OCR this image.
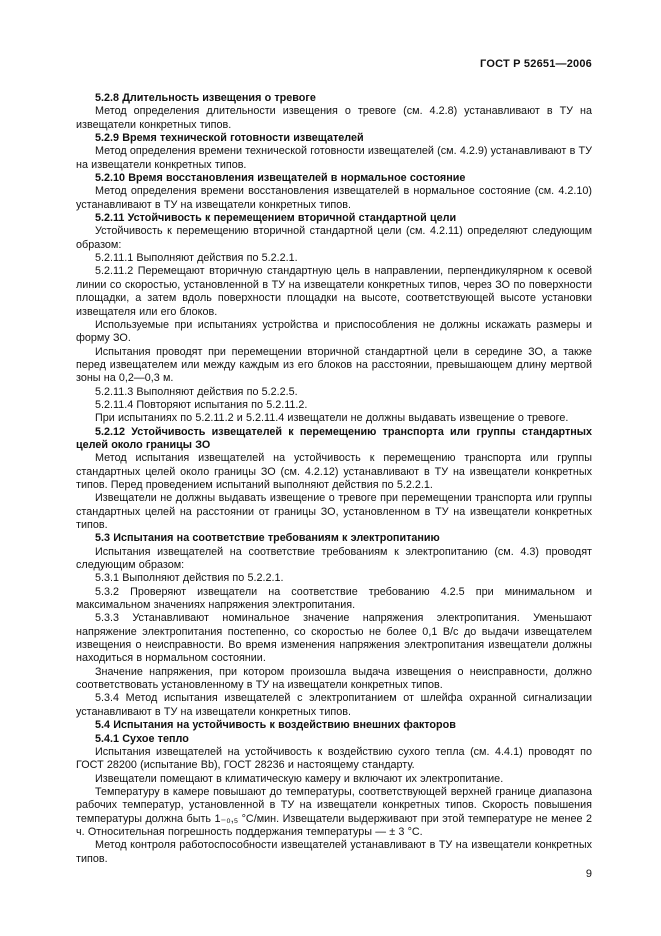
ГОСТ Р 52651—2006

5.2.8 Длительность извещения о тревоге

Метод определения длительности извещения о тревоге (см. 4.2.8) устанавливают в ТУ на извещатели конкретных типов.

5.2.9 Время технической готовности извещателей

Метод определения времени технической готовности извещателей (см. 4.2.9) устанавливают в ТУ на извещатели конкретных типов.

5.2.10 Время восстановления извещателей в нормальное состояние

Метод определения времени восстановления извещателей в нормальное состояние (см. 4.2.10) устанавливают в ТУ на извещатели конкретных типов.

5.2.11 Устойчивость к перемещением вторичной стандартной цели

Устойчивость к перемещению вторичной стандартной цели (см. 4.2.11) определяют следующим образом:

5.2.11.1 Выполняют действия по 5.2.2.1.

5.2.11.2 Перемещают вторичную стандартную цель в направлении, перпендикулярном к осевой линии со скоростью, установленной в ТУ на извещатели конкретных типов, через ЗО по поверхности площадки, а затем вдоль поверхности площадки на высоте, соответствующей высоте установки извещателя или его блоков.

Используемые при испытаниях устройства и приспособления не должны искажать размеры и форму ЗО.

Испытания проводят при перемещении вторичной стандартной цели в середине ЗО, а также перед извещателем или между каждым из его блоков на расстоянии, превышающем длину мертвой зоны на 0,2—0,3 м.

5.2.11.3 Выполняют действия по 5.2.2.5.

5.2.11.4 Повторяют испытания по 5.2.11.2.

При испытаниях по 5.2.11.2 и 5.2.11.4 извещатели не должны выдавать извещение о тревоге.

5.2.12 Устойчивость извещателей к перемещению транспорта или группы стандартных целей около границы ЗО

Метод испытания извещателей на устойчивость к перемещению транспорта или группы стандартных целей около границы ЗО (см. 4.2.12) устанавливают в ТУ на извещатели конкретных типов. Перед проведением испытаний выполняют действия по 5.2.2.1.

Извещатели не должны выдавать извещение о тревоге при перемещении транспорта или группы стандартных целей на расстоянии от границы ЗО, установленном в ТУ на извещатели конкретных типов.

5.3 Испытания на соответствие требованиям к электропитанию

Испытания извещателей на соответствие требованиям к электропитанию (см. 4.3) проводят следующим образом:

5.3.1 Выполняют действия по 5.2.2.1.

5.3.2 Проверяют извещатели на соответствие требованию 4.2.5 при минимальном и максимальном значениях напряжения электропитания.

5.3.3 Устанавливают номинальное значение напряжения электропитания. Уменьшают напряжение электропитания постепенно, со скоростью не более 0,1 В/с до выдачи извещателем извещения о неисправности. Во время изменения напряжения электропитания извещатели должны находиться в нормальном состоянии.

Значение напряжения, при котором произошла выдача извещения о неисправности, должно соответствовать установленному в ТУ на извещатели конкретных типов.

5.3.4 Метод испытания извещателей с электропитанием от шлейфа охранной сигнализации устанавливают в ТУ на извещатели конкретных типов.

5.4 Испытания на устойчивость к воздействию внешних факторов

5.4.1 Сухое тепло

Испытания извещателей на устойчивость к воздействию сухого тепла (см. 4.4.1) проводят по ГОСТ 28200 (испытание Bb), ГОСТ 28236 и настоящему стандарту.

Извещатели помещают в климатическую камеру и включают их электропитание.

Температуру в камере повышают до температуры, соответствующей верхней границе диапазона рабочих температур, установленной в ТУ на извещатели конкретных типов. Скорость повышения температуры должна быть 1₋₀,₅ °С/мин. Извещатели выдерживают при этой температуре не менее 2 ч. Относительная погрешность поддержания температуры — ± 3 °С.

Метод контроля работоспособности извещателей устанавливают в ТУ на извещатели конкретных типов.

9
